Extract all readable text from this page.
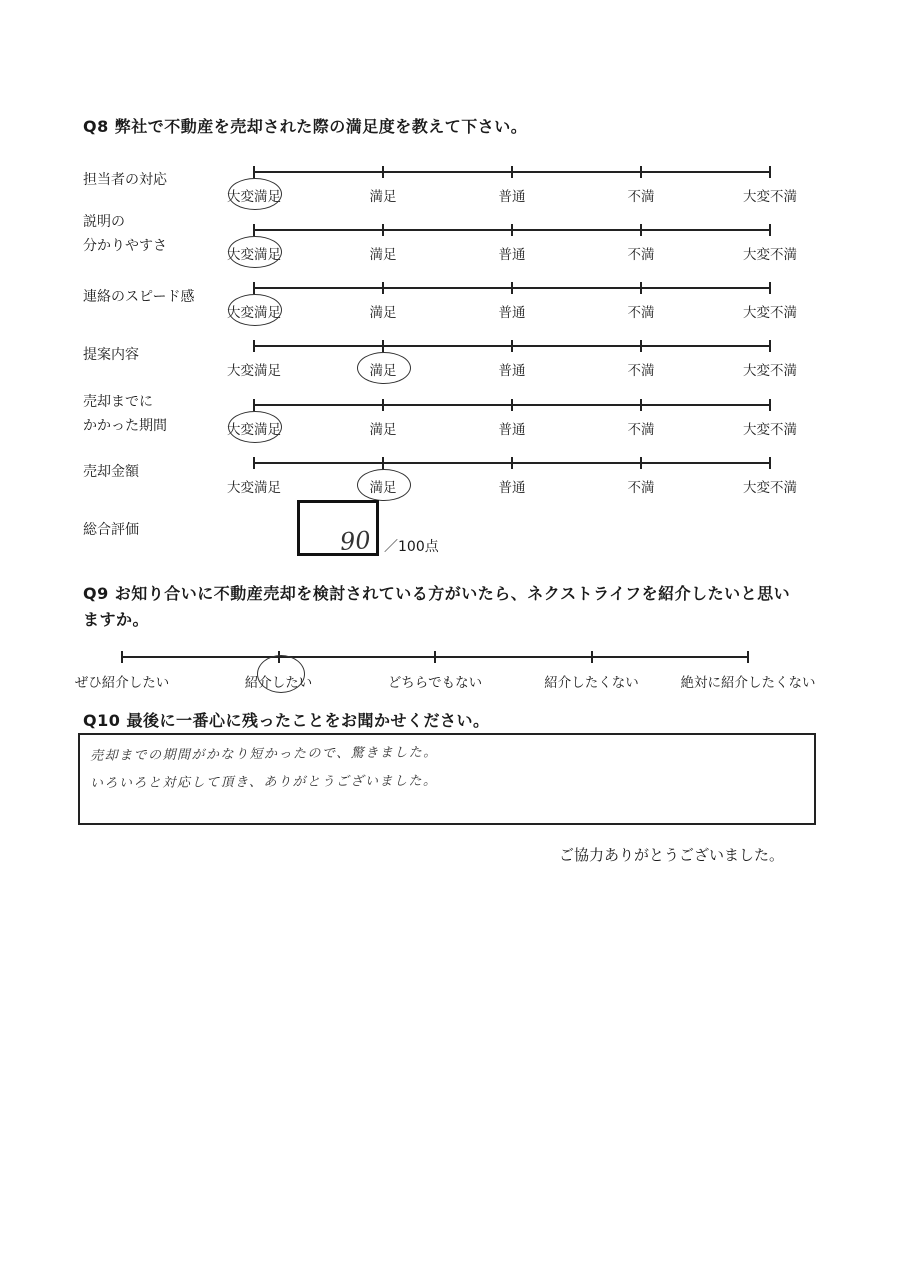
Q8 弊社で不動産を売却された際の満足度を教えて下さい。
担当者の対応
大変満足	満足	普通	不満	大変不満
説明の
分かりやすさ
大変満足	満足	普通	不満	大変不満
連絡のスピード感
大変満足	満足	普通	不満	大変不満
提案内容
大変満足	満足	普通	不満	大変不満
売却までに
かかった期間	大変満足	満足	普通	不満	大変不満
売却金額
大変満足	満足	普通	不満	大変不満
総合評価	90 ／100点
Q9 お知り合いに不動産売却を検討されている方がいたら、ネクストライフを紹介したいと思い
ますか。
ぜひ紹介したい	紹介したい	どちらでもない	紹介したくない	絶対に紹介したくない
Q10 最後に一番心に残ったことをお聞かせください。
売却までの期間がかなり短かったので、驚きました。
いろいろと対応して頂き、ありがとうございました。
ご協力ありがとうございました。
